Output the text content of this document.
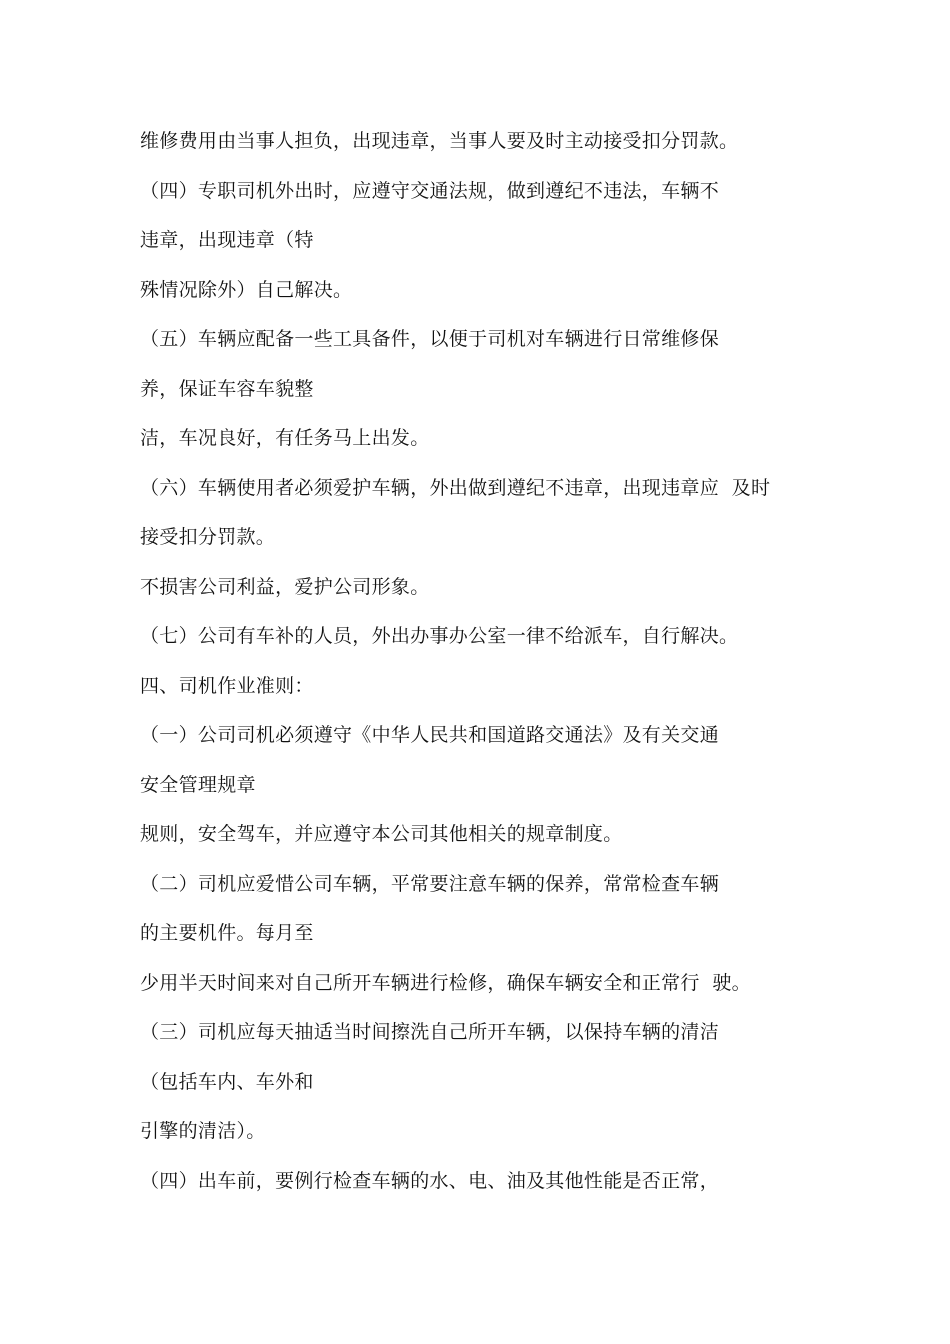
维修费用由当事人担负，出现违章，当事人要及时主动接受扣分罚款。
（四）专职司机外出时，应遵守交通法规，做到遵纪不违法，车辆不
违章，出现违章（特
殊情况除外）自己解决。
（五）车辆应配备一些工具备件，以便于司机对车辆进行日常维修保
养，保证车容车貌整
洁，车况良好，有任务马上出发。
（六）车辆使用者必须爱护车辆，外出做到遵纪不违章，出现违章应  及时
接受扣分罚款。
不损害公司利益，爱护公司形象。
（七）公司有车补的人员，外出办事办公室一律不给派车，自行解决。
四、司机作业准则：
（一）公司司机必须遵守《中华人民共和国道路交通法》及有关交通
安全管理规章
规则，安全驾车，并应遵守本公司其他相关的规章制度。
（二）司机应爱惜公司车辆，平常要注意车辆的保养，常常检查车辆
的主要机件。每月至
少用半天时间来对自己所开车辆进行检修，确保车辆安全和正常行  驶。
（三）司机应每天抽适当时间擦洗自己所开车辆，以保持车辆的清洁
（包括车内、车外和
引擎的清洁）。
（四）出车前，要例行检查车辆的水、电、油及其他性能是否正常，
